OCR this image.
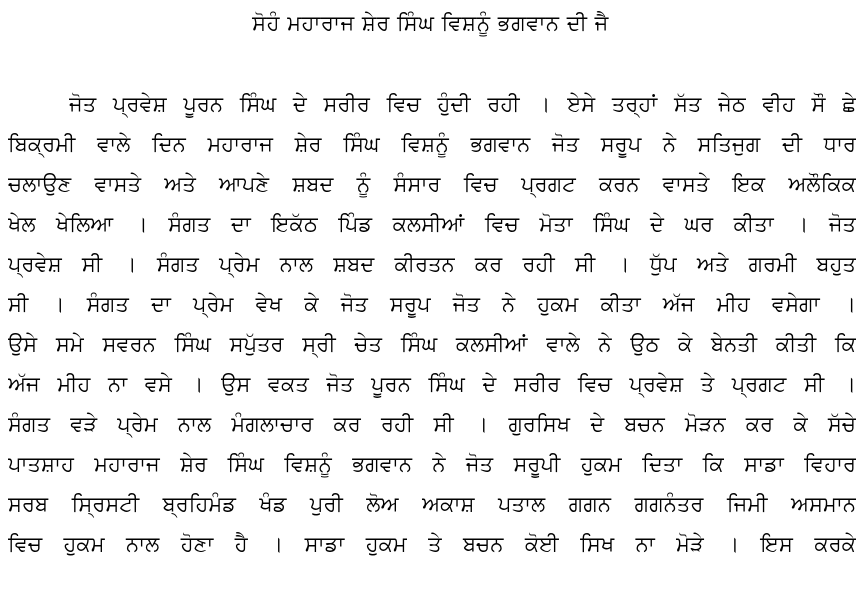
ਸੋਹੰ ਮਹਾਰਾਜ ਸ਼ੇਰ ਸਿੰਘ ਵਿਸ਼ਨੂੰ ਭਗਵਾਨ ਦੀ ਜੈ
ਜੋਤ ਪ੍ਰਵੇਸ਼ ਪੂਰਨ ਸਿੰਘ ਦੇ ਸਰੀਰ ਵਿਚ ਹੁੰਦੀ ਰਹੀ । ਏਸੇ ਤਰ੍ਹਾਂ ਸੱਤ ਜੇਠ ਵੀਹ ਸੌ ਛੇ
ਬਿਕ੍ਰਮੀ ਵਾਲੇ ਦਿਨ ਮਹਾਰਾਜ ਸ਼ੇਰ ਸਿੰਘ ਵਿਸ਼ਨੂੰ ਭਗਵਾਨ ਜੋਤ ਸਰੂਪ ਨੇ ਸਤਿਜੁਗ ਦੀ ਧਾਰ
ਚਲਾਉਣ ਵਾਸਤੇ ਅਤੇ ਆਪਣੇ ਸ਼ਬਦ ਨੂੰ ਸੰਸਾਰ ਵਿਚ ਪ੍ਰਗਟ ਕਰਨ ਵਾਸਤੇ ਇਕ ਅਲੌਕਿਕ
ਖੇਲ ਖੇਲਿਆ । ਸੰਗਤ ਦਾ ਇਕੱਠ ਪਿੰਡ ਕਲਸੀਆਂ ਵਿਚ ਮੋਤਾ ਸਿੰਘ ਦੇ ਘਰ ਕੀਤਾ । ਜੋਤ
ਪ੍ਰਵੇਸ਼ ਸੀ । ਸੰਗਤ ਪ੍ਰੇਮ ਨਾਲ ਸ਼ਬਦ ਕੀਰਤਨ ਕਰ ਰਹੀ ਸੀ । ਧੁੱਪ ਅਤੇ ਗਰਮੀ ਬਹੁਤ
ਸੀ । ਸੰਗਤ ਦਾ ਪ੍ਰੇਮ ਵੇਖ ਕੇ ਜੋਤ ਸਰੂਪ ਜੋਤ ਨੇ ਹੁਕਮ ਕੀਤਾ ਅੱਜ ਮੀਹ ਵਸੇਗਾ ।
ਉਸੇ ਸਮੇ ਸਵਰਨ ਸਿੰਘ ਸਪੁੱਤਰ ਸ੍ਰੀ ਚੇਤ ਸਿੰਘ ਕਲਸੀਆਂ ਵਾਲੇ ਨੇ ਉਠ ਕੇ ਬੇਨਤੀ ਕੀਤੀ ਕਿ
ਅੱਜ ਮੀਹ ਨਾ ਵਸੇ । ਉਸ ਵਕਤ ਜੋਤ ਪੂਰਨ ਸਿੰਘ ਦੇ ਸਰੀਰ ਵਿਚ ਪ੍ਰਵੇਸ਼ ਤੇ ਪ੍ਰਗਟ ਸੀ ।
ਸੰਗਤ ਵੜੇ ਪ੍ਰੇਮ ਨਾਲ ਮੰਗਲਾਚਾਰ ਕਰ ਰਹੀ ਸੀ । ਗੁਰਸਿਖ ਦੇ ਬਚਨ ਮੋੜਨ ਕਰ ਕੇ ਸੱਚੇ
ਪਾਤਸ਼ਾਹ ਮਹਾਰਾਜ ਸ਼ੇਰ ਸਿੰਘ ਵਿਸ਼ਨੂੰ ਭਗਵਾਨ ਨੇ ਜੋਤ ਸਰੂਪੀ ਹੁਕਮ ਦਿਤਾ ਕਿ ਸਾਡਾ ਵਿਹਾਰ
ਸਰਬ ਸ੍ਰਿਸਟੀ ਬ੍ਰਹਿਮੰਡ ਖੰਡ ਪੁਰੀ ਲੋਅ ਅਕਾਸ਼ ਪਤਾਲ ਗਗਨ ਗਗਨੰਤਰ ਜਿਮੀ ਅਸਮਾਨ
ਵਿਚ ਹੁਕਮ ਨਾਲ ਹੋਣਾ ਹੈ । ਸਾਡਾ ਹੁਕਮ ਤੇ ਬਚਨ ਕੋਈ ਸਿਖ ਨਾ ਮੋੜੇ । ਇਸ ਕਰਕੇ
